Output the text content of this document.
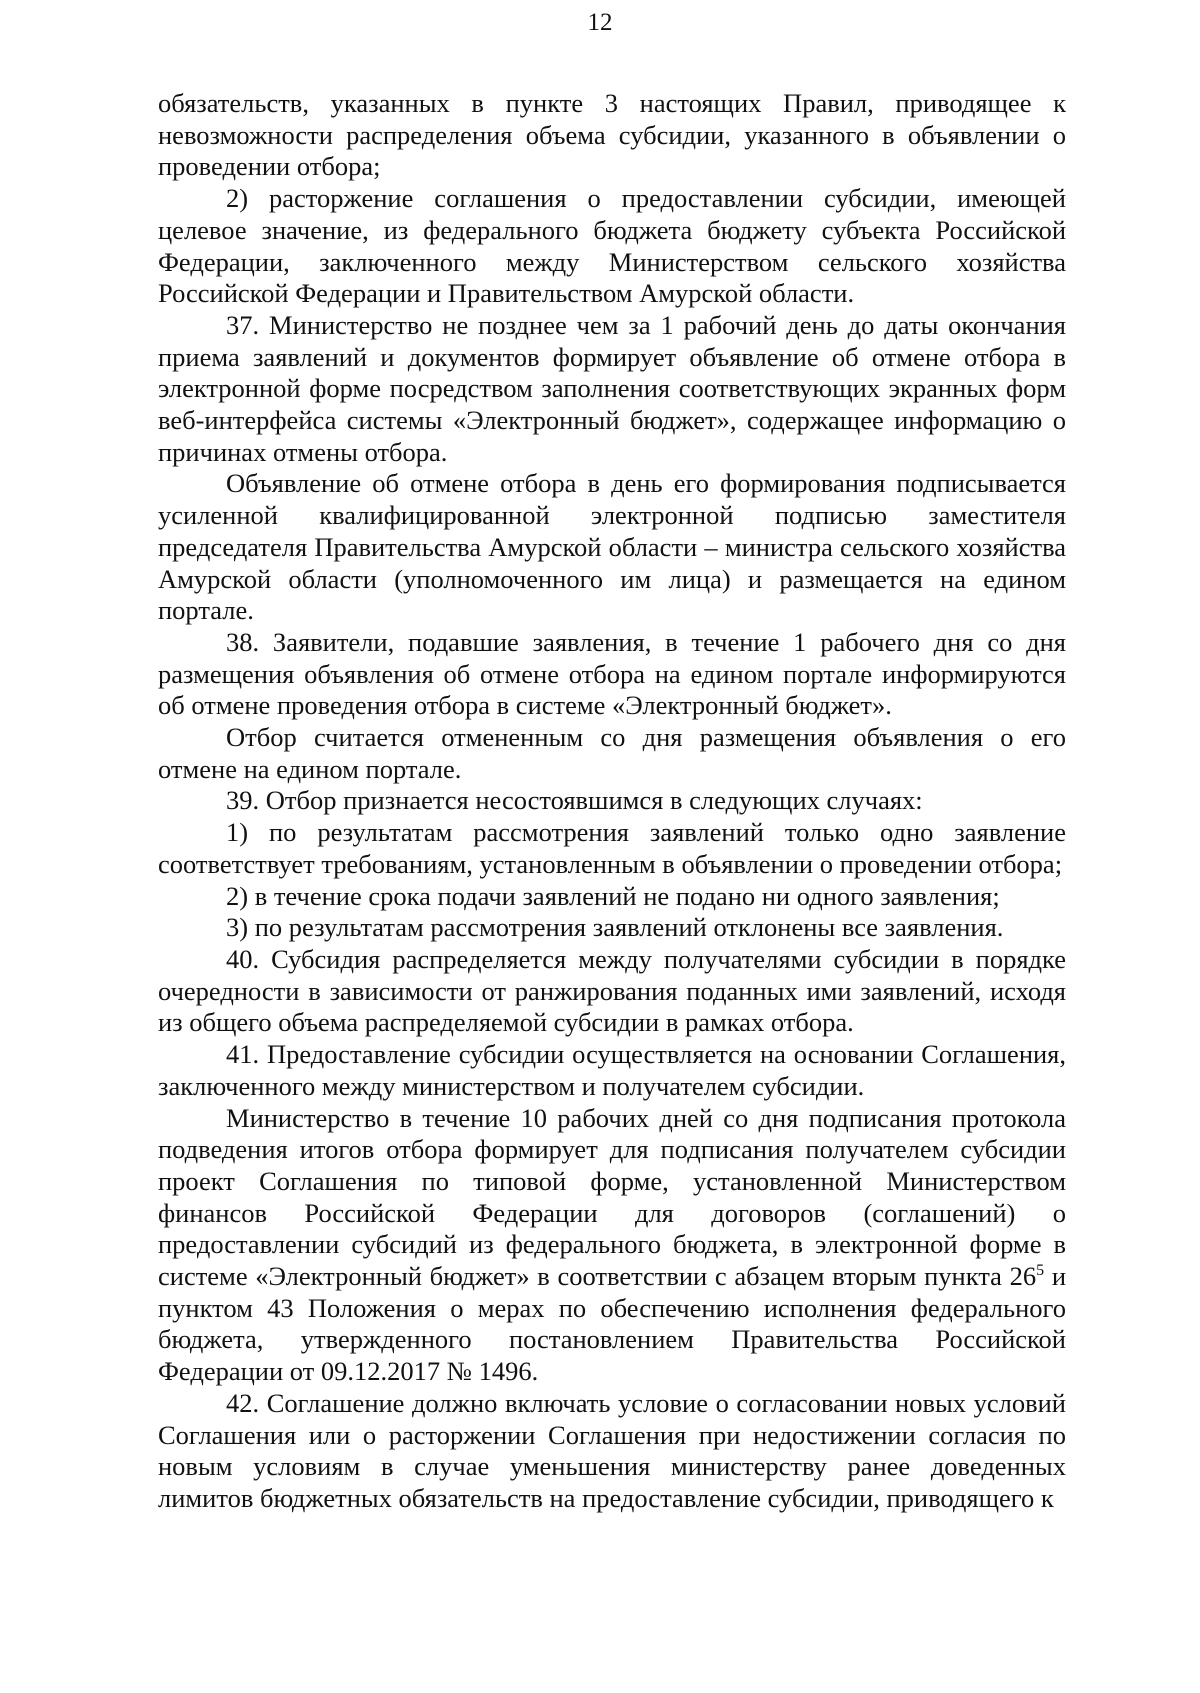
12

обязательств, указанных в пункте 3 настоящих Правил, приводящее к невозможности распределения объема субсидии, указанного в объявлении о проведении отбора;

2) расторжение соглашения о предоставлении субсидии, имеющей целевое значение, из федерального бюджета бюджету субъекта Российской Федерации, заключенного между Министерством сельского хозяйства Российской Федерации и Правительством Амурской области.

37. Министерство не позднее чем за 1 рабочий день до даты окончания приема заявлений и документов формирует объявление об отмене отбора в электронной форме посредством заполнения соответствующих экранных форм веб-интерфейса системы «Электронный бюджет», содержащее информацию о причинах отмены отбора.

Объявление об отмене отбора в день его формирования подписывается усиленной квалифицированной электронной подписью заместителя председателя Правительства Амурской области – министра сельского хозяйства Амурской области (уполномоченного им лица) и размещается на едином портале.

38. Заявители, подавшие заявления, в течение 1 рабочего дня со дня размещения объявления об отмене отбора на едином портале информируются об отмене проведения отбора в системе «Электронный бюджет».

Отбор считается отмененным со дня размещения объявления о его отмене на едином портале.

39. Отбор признается несостоявшимся в следующих случаях:

1) по результатам рассмотрения заявлений только одно заявление соответствует требованиям, установленным в объявлении о проведении отбора;

2) в течение срока подачи заявлений не подано ни одного заявления;

3) по результатам рассмотрения заявлений отклонены все заявления.

40. Субсидия распределяется между получателями субсидии в порядке очередности в зависимости от ранжирования поданных ими заявлений, исходя из общего объема распределяемой субсидии в рамках отбора.

41. Предоставление субсидии осуществляется на основании Соглашения, заключенного между министерством и получателем субсидии.

Министерство в течение 10 рабочих дней со дня подписания протокола подведения итогов отбора формирует для подписания получателем субсидии проект Соглашения по типовой форме, установленной Министерством финансов Российской Федерации для договоров (соглашений) о предоставлении субсидий из федерального бюджета, в электронной форме в системе «Электронный бюджет» в соответствии с абзацем вторым пункта $26^5$ и пунктом 43 Положения о мерах по обеспечению исполнения федерального бюджета, утвержденного постановлением Правительства Российской Федерации от 09.12.2017 № 1496.

42. Соглашение должно включать условие о согласовании новых условий Соглашения или о расторжении Соглашения при недостижении согласия по новым условиям в случае уменьшения министерству ранее доведенных лимитов бюджетных обязательств на предоставление субсидии, приводящего к
